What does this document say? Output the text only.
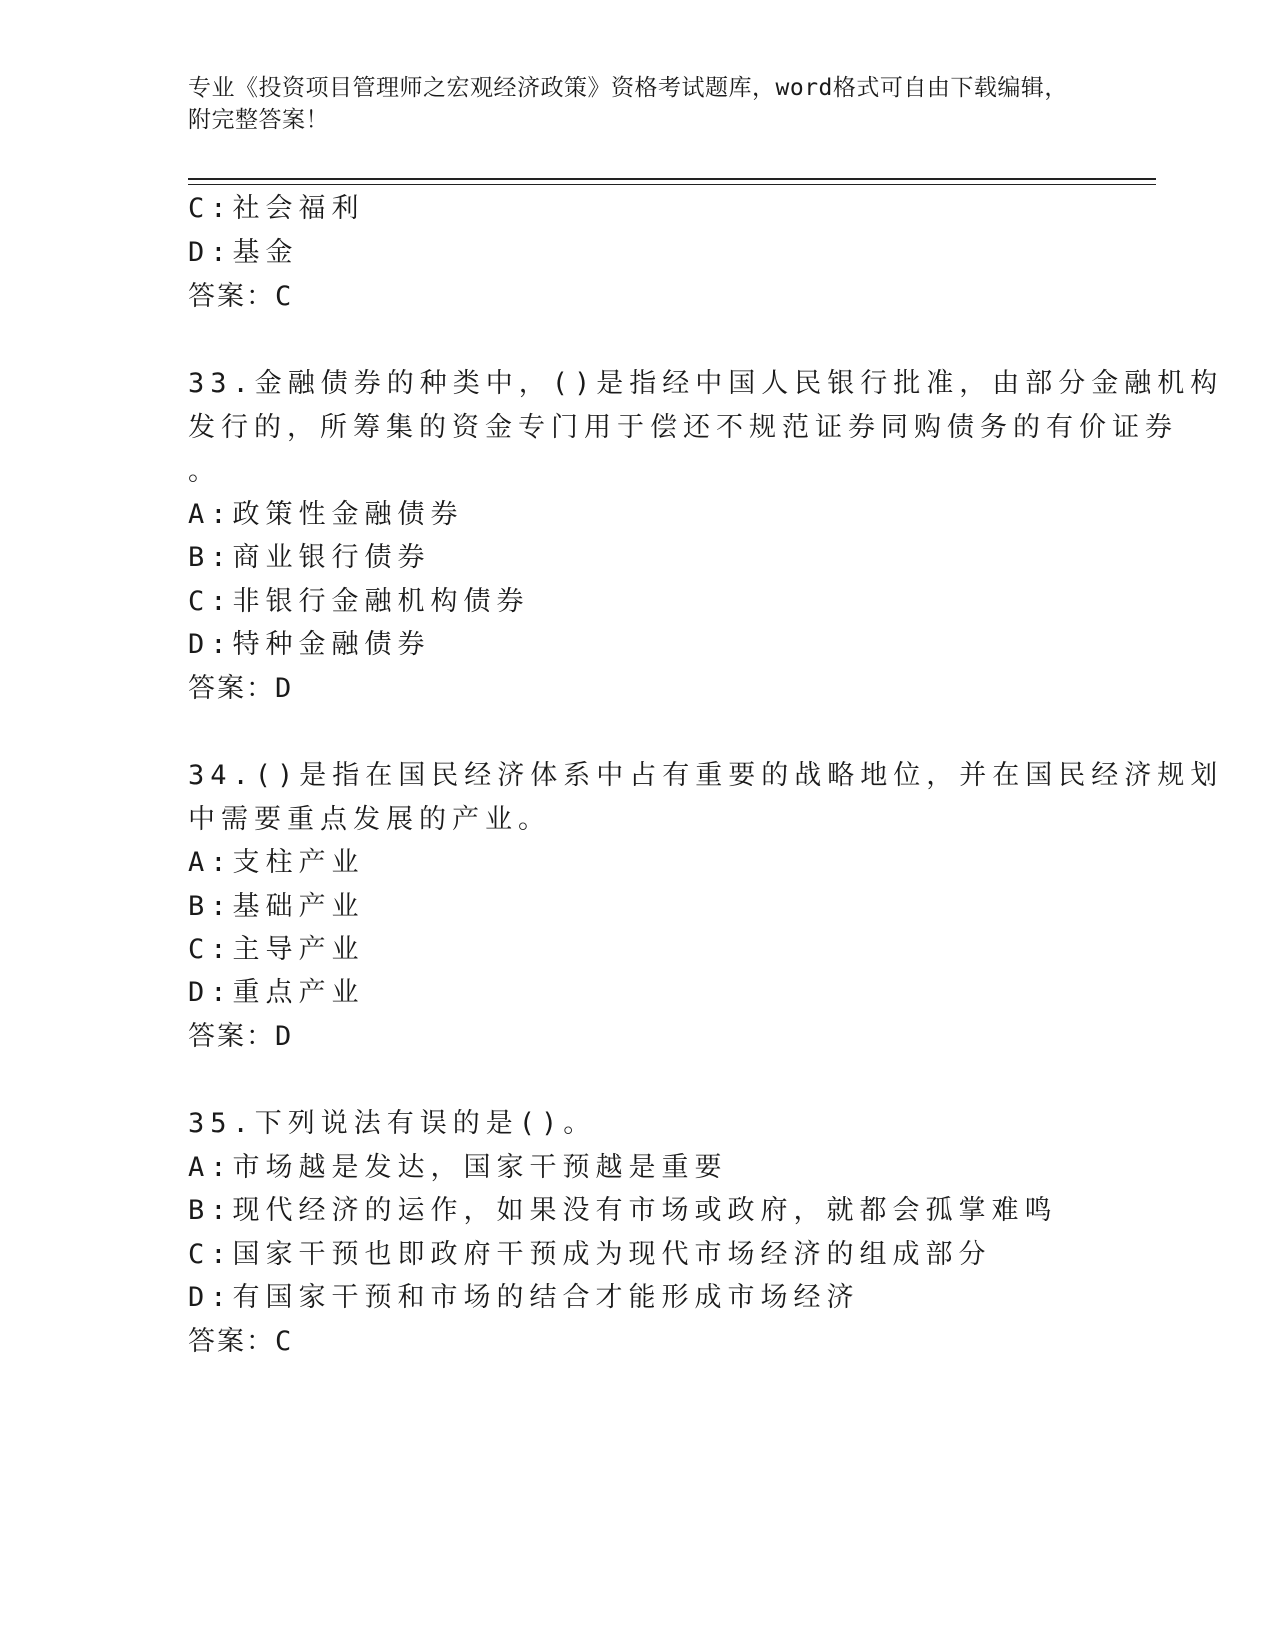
专业《投资项目管理师之宏观经济政策》资格考试题库，word格式可自由下载编辑，附完整答案！
C:社会福利
D:基金
答案：C
33.金融债券的种类中，()是指经中国人民银行批准，由部分金融机构
发行的，所筹集的资金专门用于偿还不规范证券同购债务的有价证券
。
A:政策性金融债券
B:商业银行债券
C:非银行金融机构债券
D:特种金融债券
答案：D
34.()是指在国民经济体系中占有重要的战略地位，并在国民经济规划
中需要重点发展的产业。
A:支柱产业
B:基础产业
C:主导产业
D:重点产业
答案：D
35.下列说法有误的是()。
A:市场越是发达，国家干预越是重要
B:现代经济的运作，如果没有市场或政府，就都会孤掌难鸣
C:国家干预也即政府干预成为现代市场经济的组成部分
D:有国家干预和市场的结合才能形成市场经济
答案：C
